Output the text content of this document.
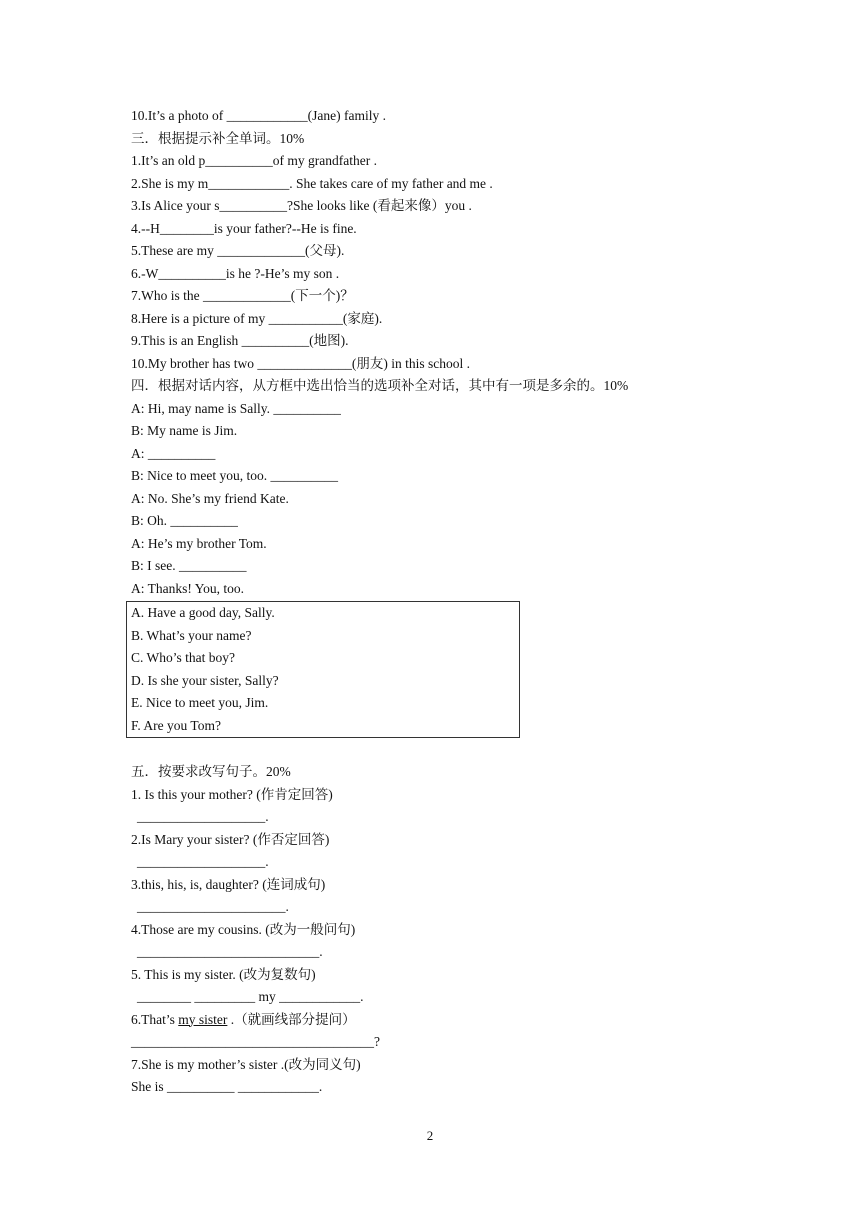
10.It’s a photo of ____________(Jane) family .
三．根据提示补全单词。10%
1.It’s an old p__________of my grandfather .
2.She is my m____________. She takes care of my father and me .
3.Is Alice your s__________?She looks like (看起来像）you .
4.--H________is your father?--He is fine.
5.These are my _____________(父母).
6.-W__________is he ?-He’s my son .
7.Who is the _____________(下一个)？
8.Here is a picture of my ___________(家庭).
9.This is an English __________(地图).
10.My brother has two ______________(朋友) in this school .
四．根据对话内容，从方框中选出恰当的选项补全对话，其中有一项是多余的。10%
A: Hi, may name is Sally. __________
B: My name is Jim.
A: __________
B: Nice to meet you, too. __________
A: No. She’s my friend Kate.
B: Oh. __________
A: He’s my brother Tom.
B: I see. __________
A: Thanks! You, too.
A. Have a good day, Sally.
B. What’s your name?
C. Who’s that boy?
D. Is she your sister, Sally?
E. Nice to meet you, Jim.
F. Are you Tom?
五．按要求改写句子。20%
1. Is this your mother? (作肯定回答)
___________________.
2.Is Mary your sister? (作否定回答)
___________________.
3.this, his, is, daughter? (连词成句)
______________________.
4.Those are my cousins. (改为一般问句)
___________________________.
5. This is my sister. (改为复数句)
________ _________ my ____________.
6.That’s my sister .（就画线部分提问）
____________________________________?
7.She is my mother’s sister .(改为同义句)
She is __________ ____________.
2
